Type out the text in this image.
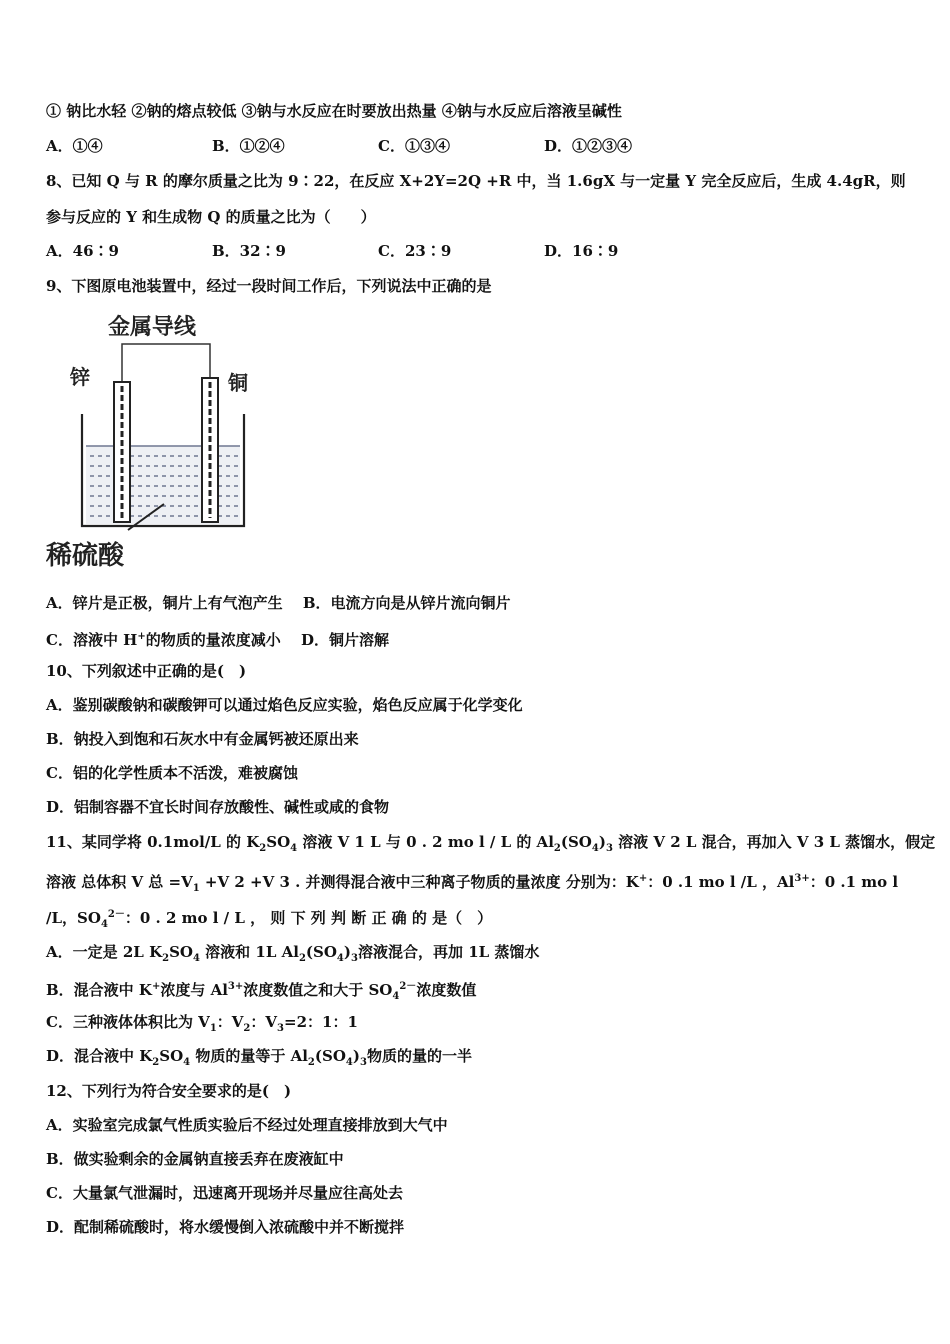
① 钠比水轻 ②钠的熔点较低 ③钠与水反应在时要放出热量 ④钠与水反应后溶液呈碱性
A．①④	B．①②④	C．①③④	D．①②③④
8、已知 Q 与 R 的摩尔质量之比为 9∶22，在反应 X+2Y=2Q +R 中，当 1.6gX 与一定量 Y 完全反应后，生成 4.4gR，则
参与反应的 Y 和生成物 Q 的质量之比为（　　）
A．46∶9	B．32∶9	C．23∶9	D．16∶9
9、下图原电池装置中，经过一段时间工作后，下列说法中正确的是
金属导线
锌	铜
稀硫酸
A．锌片是正极，铜片上有气泡产生　 B．电流方向是从锌片流向铜片
C．溶液中 H+的物质的量浓度减小　 D．铜片溶解
10、下列叙述中正确的是(　)
A．鉴别碳酸钠和碳酸钾可以通过焰色反应实验，焰色反应属于化学变化
B．钠投入到饱和石灰水中有金属钙被还原出来
C．铝的化学性质本不活泼，难被腐蚀
D．铝制容器不宜长时间存放酸性、碱性或咸的食物
11、某同学将 0.1mol/L 的 $K_2SO_4$ 溶液 V 1 L 与 0 . 2 mo l / L 的 $Al_2(SO_4)_3$ 溶液 V 2 L 混合，再加入 V 3 L 蒸馏水，假定
溶液 总体积 V 总 $=V_1 +V$ 2 +V 3 . 并测得混合液中三种离子物质的量浓度 分别为：K+：0 .1 mo l /L ，$Al^{3+}$：0 .1 mo l
/L，$SO_4^{2-}$：0 . 2 mo l / L ， 则 下 列 判 断 正 确 的 是（　）
A．一定是 2L $K_2SO_4$ 溶液和 1L $Al_2(SO_4)_3$溶液混合，再加 1L 蒸馏水
B．混合液中 K+浓度与 $Al^{3+}$浓度数值之和大于 $SO_4^{2-}$浓度数值
C．三种液体体积比为 $V_1$：$V_2$：$V_3=2$：1：1
D．混合液中 $K_2SO_4$ 物质的量等于 $Al_2(SO_4)_3$物质的量的一半
12、下列行为符合安全要求的是(　)
A．实验室完成氯气性质实验后不经过处理直接排放到大气中
B．做实验剩余的金属钠直接丢弃在废液缸中
C．大量氯气泄漏时，迅速离开现场并尽量应往高处去
D．配制稀硫酸时，将水缓慢倒入浓硫酸中并不断搅拌
